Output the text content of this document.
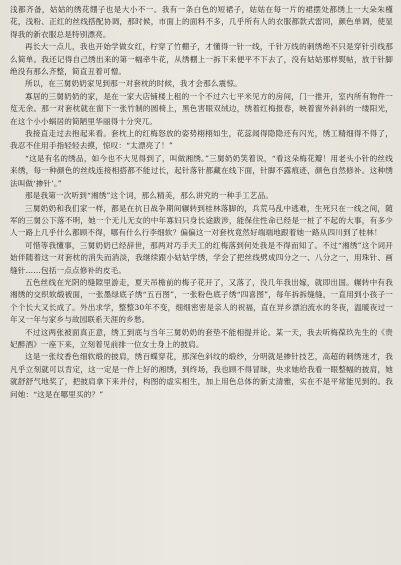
浅都齐备，姑姑的绣花绷子也是大小不一。我有一条白色的短裙子，姑姑在每一片的裙摆处都绣上一大朵朱槿花，浅粉、正红的丝线搭配协调，那时候，市面上的面料不多，几乎所有人的衣服都款式雷同，颜色单调，使显得我的新衣服总是特别漂亮。

再长大一点儿，我也开始学做女红，柠穿了竹棚子，才懂得一针一线，千针万线的刺绣绝不只是穿针引线那么简单。我还记得自己绣出来的第一幅牵牛花，从绣棚上一拆下来便平不下去了，没有姑姑那样熨帖，放于针脚绝没有那么齐整，简直丑着可憎。

所以，在三舅奶奶家见到那一对套枕的时候，我才会那么震惊。

寡居的三舅奶奶的家，是在一家大店铺楼上租的一个不过六七平米见方的房间，门一推开，室内所有物件一览无余。那一对套枕就在窗下一张竹制的圆椅上，黑色害眼双绒边，绣着红梅报春，映着窗外斜斜的一缕阳光，在这个小小蜗居的简陋里华丽得十分突兀。

我接直走过去抱起来看。套枕上的红梅怒放的姿势栩栩如生，花蕊闻得隐隐还有闪光，绣工精细得不得了，我忍不住用手指轻轻去摸，惊叹：“太漂亮了！”

“这是有名的绣品，如今也不大见得到了，叫做湘绣。”三舅奶奶笑着说，“看这朵梅花瓣！用老头小针的丝线来绣，每一种颜色的丝线连接相搭都不能过长，起针落针都藏在线下面，针脚不露痕迹，颜色自然修补。这种绣法叫做‘掺针’。”

那是我第一次听到“湘绣”这个词，那么精美，那么讲究的一种手工艺品。

三舅奶奶和我们家一样，都是在抗日战争期间辗转到桂林落脚的，兵荒马乱中逃难，生死只在一线之间，随军的三舅公下落不明，她一个无儿无女的中年寡妇只身长途跋涉，能保住性命已经是一桩了不起的大事，有多少人一路上几乎什么都顾不得，哪有什么行李细软？偏偏这一对套枕竟然好端端地跟着她一路从四川到了桂林！

可惜等我懂事，三舅奶奶已经辞世，那两对巧手天工的红梅落到何处我是不得而知了。不过“湘绣”这个词开始伴随着这一对套枕的消失而消淡，我继续跟小姑姑学绣，学会了把丝线劈成四分之一、八分之一，用珠针、画缝针……包括一点点修补的皮毛。

五色丝线在光阴的缝隙里游走，夏天吊檐前的梅子花开了，又落了，没几年我出嫁，就即出国。辗转中有我湘绣的交织软缎被面，一张墨绿底子绣“五百图”，一张粉色底子绣“四喜图”，每年拆拆缝缝，一直用到小孩子一个个长大又长成了。外出求学，整整30年不变，细细密密是亲人的祝福，直在异乡漂泊流水的冬夜，温暖夜过一年又一年与家乡与故园联系天涯的乡愁。

不过这两张被面真正意，绣工到底与当年三舅奶奶的套垫不能相提并论。某一天，我去听梅葆玖先生的《贵妃醉酒》一座下来，立刻着见前排一位女士身上的披肩。

这是一张纹香色细软缎的披肩，绣百蝶穿花，那深色斜纹的缎纱，分明就是掺针技艺，高超的刺绣迷才，我凡乎立刻就可以肯定，这一定是一件上好的湘绣，到终场，我也顾不得冒昧，央求她给我看一眼整幅的披肩，她就舒舒气地奖了，把披肩拿下来并付，构图的虚实相生，加上用色总体的新丈清雅，实在不是平常能见到的。我问她：“这是在哪里买的？”
